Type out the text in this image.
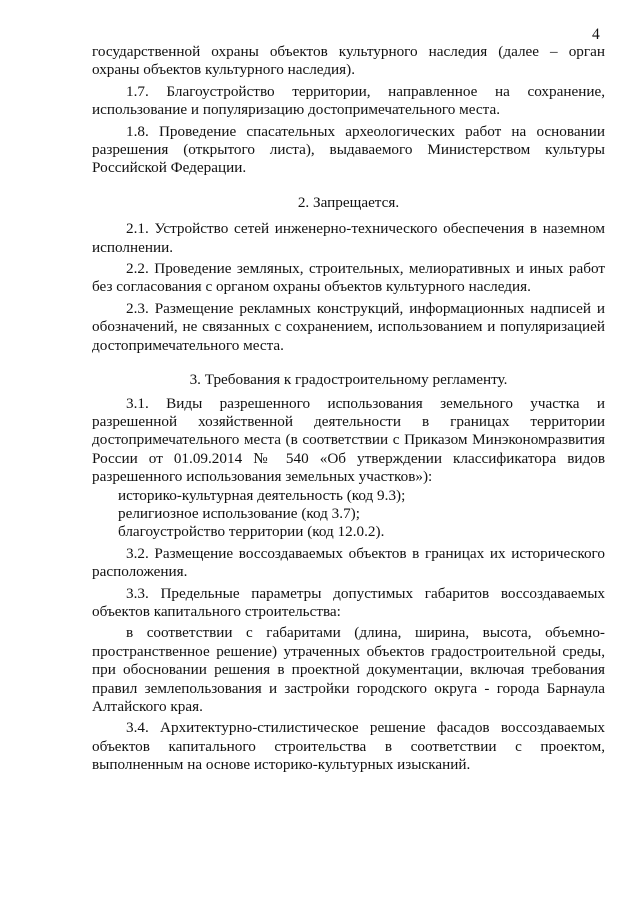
4

государственной охраны объектов культурного наследия (далее – орган охраны объектов культурного наследия).

1.7. Благоустройство территории, направленное на сохранение, использование и популяризацию достопримечательного места.

1.8. Проведение спасательных археологических работ на основании разрешения (открытого листа), выдаваемого Министерством культуры Российской Федерации.

2. Запрещается.

2.1. Устройство сетей инженерно-технического обеспечения в наземном исполнении.

2.2. Проведение земляных, строительных, мелиоративных и иных работ без согласования с органом охраны объектов культурного наследия.

2.3. Размещение рекламных конструкций, информационных надписей и обозначений, не связанных с сохранением, использованием и популяризацией достопримечательного места.

3. Требования к градостроительному регламенту.

3.1. Виды разрешенного использования земельного участка и разрешенной хозяйственной деятельности в границах территории достопримечательного места (в соответствии с Приказом Минэкономразвития России от 01.09.2014 № 540 «Об утверждении классификатора видов разрешенного использования земельных участков»):

историко-культурная деятельность (код 9.3);

религиозное использование (код 3.7);

благоустройство территории (код 12.0.2).

3.2. Размещение воссоздаваемых объектов в границах их исторического расположения.

3.3. Предельные параметры допустимых габаритов воссоздаваемых объектов капитального строительства:

в соответствии с габаритами (длина, ширина, высота, объемно-пространственное решение) утраченных объектов градостроительной среды, при обосновании решения в проектной документации, включая требования правил землепользования и застройки городского округа - города Барнаула Алтайского края.

3.4. Архитектурно-стилистическое решение фасадов воссоздаваемых объектов капитального строительства в соответствии с проектом, выполненным на основе историко-культурных изысканий.
